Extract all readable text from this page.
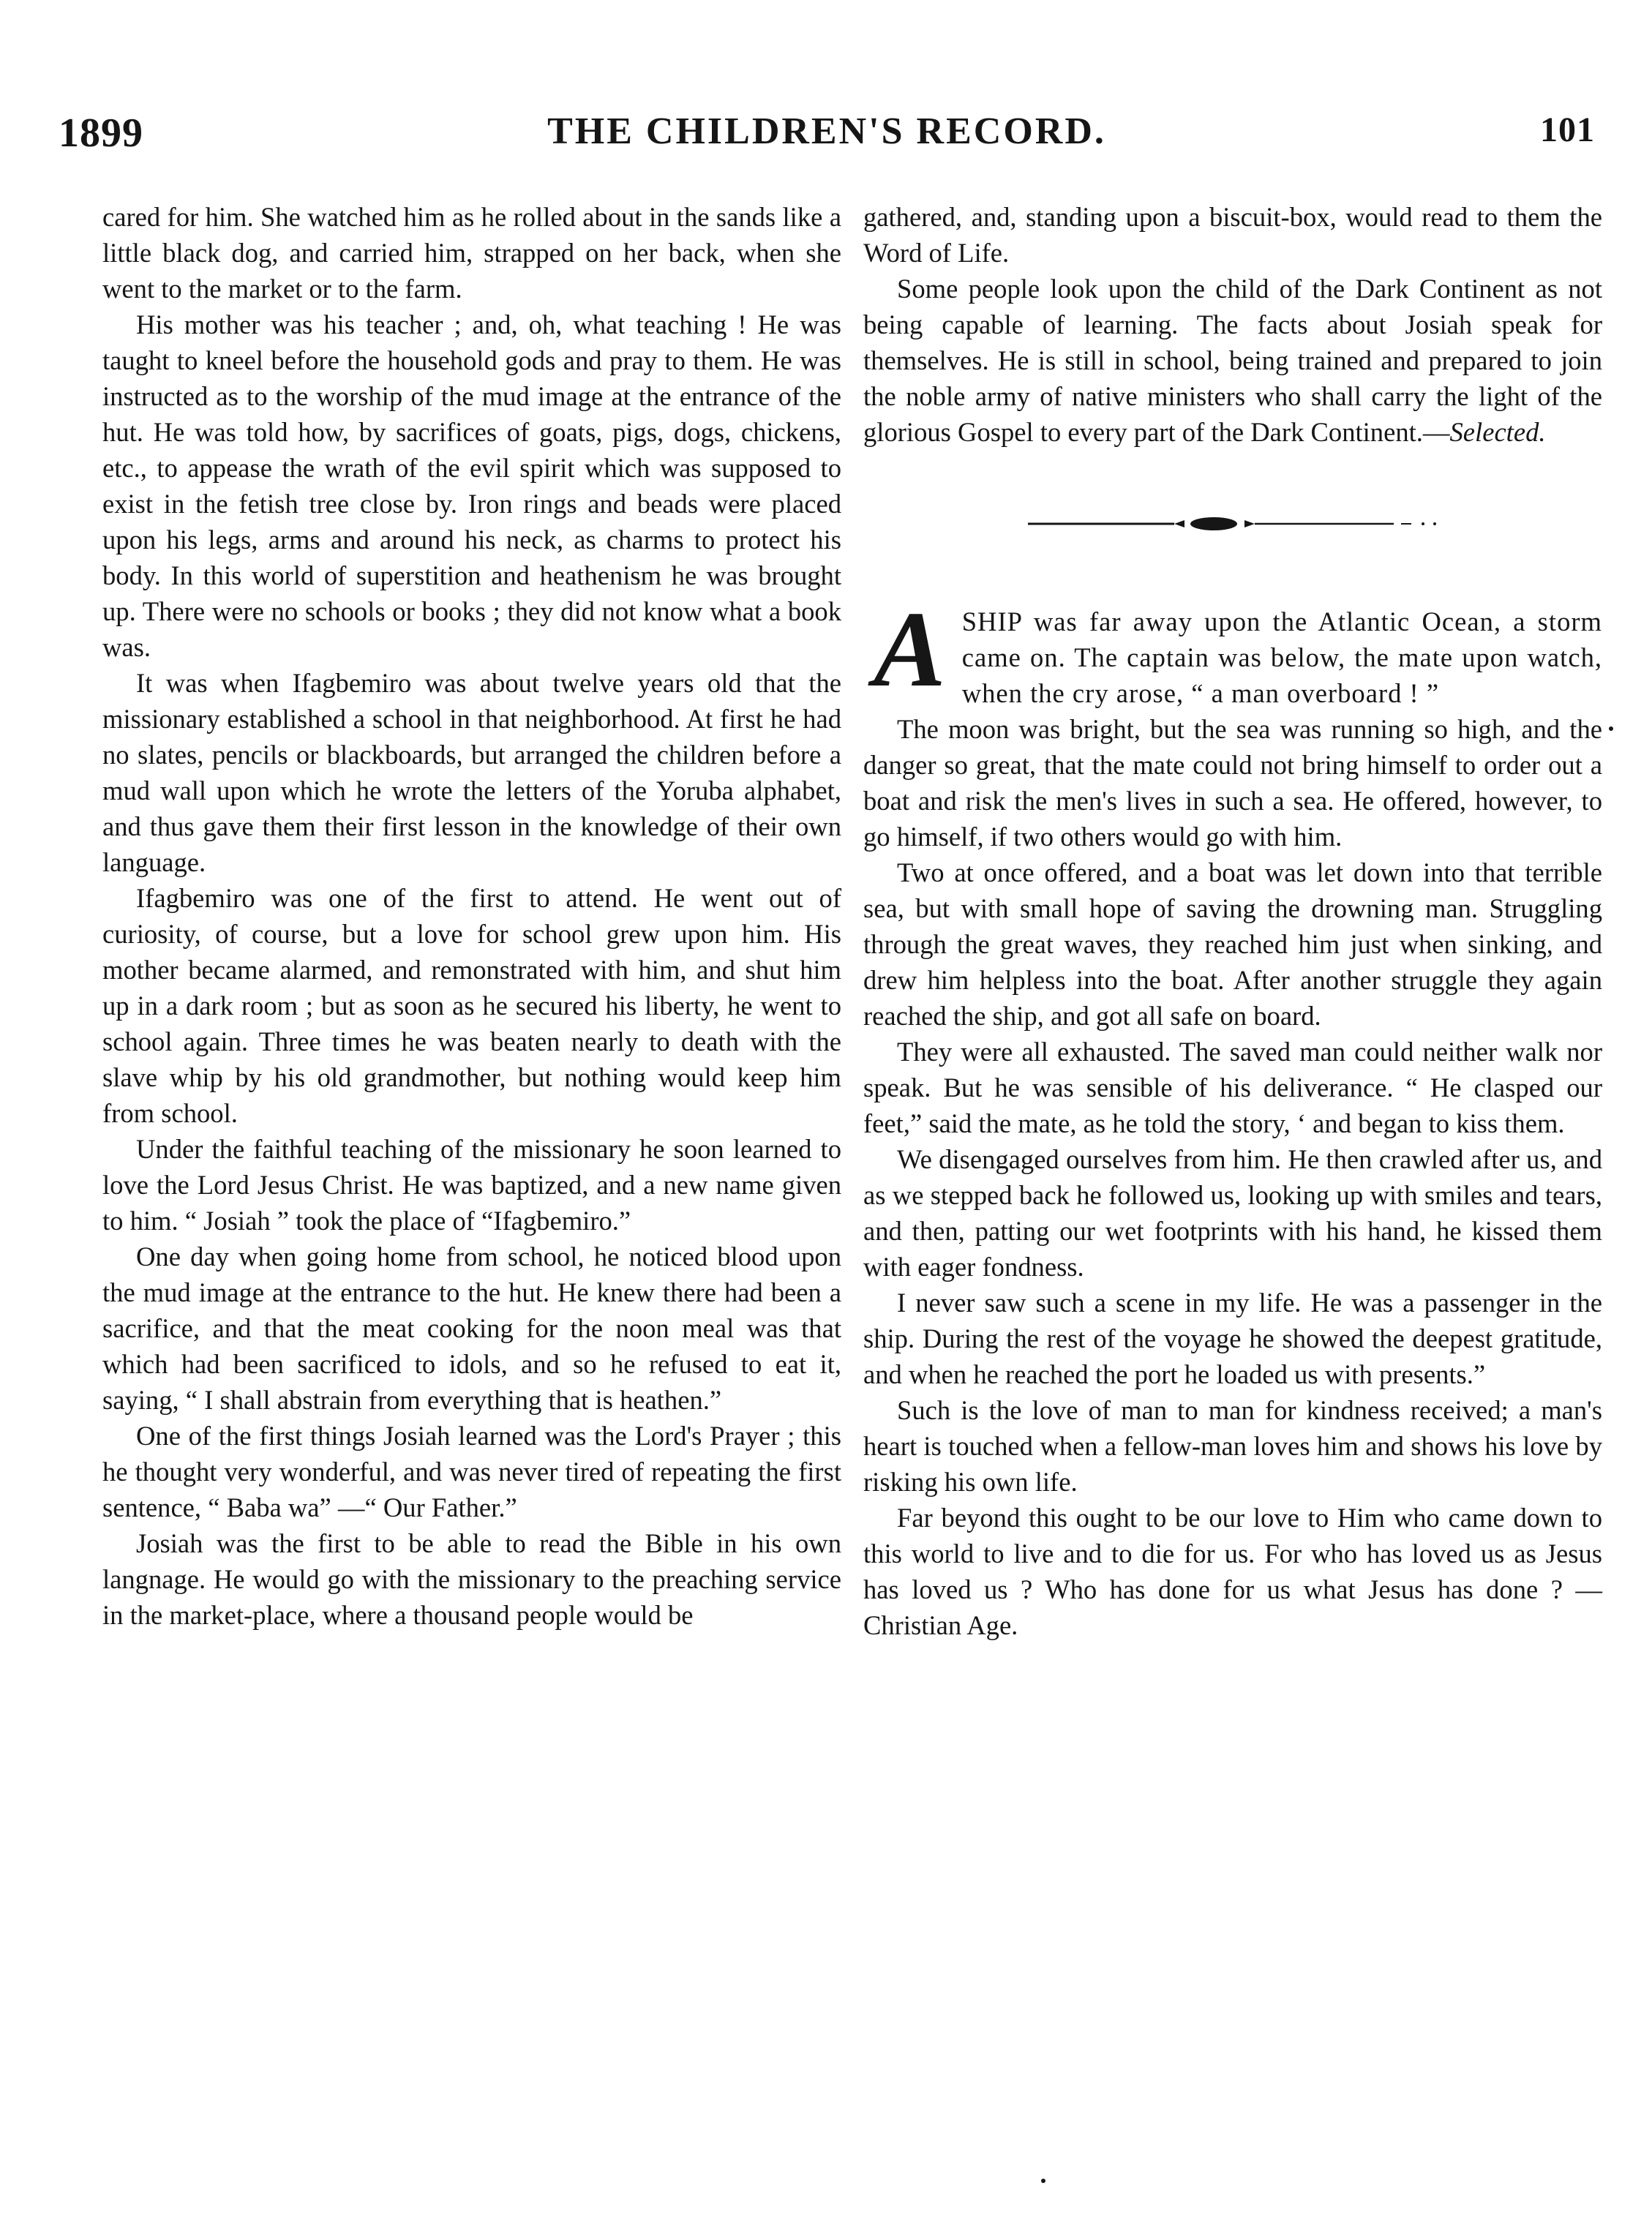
1899	THE CHILDREN'S RECORD.	101

cared for him. She watched him as he rolled about in the sands like a little black dog, and carried him, strapped on her back, when she went to the market or to the farm.

His mother was his teacher ; and, oh, what teaching ! He was taught to kneel before the household gods and pray to them. He was instructed as to the worship of the mud image at the entrance of the hut. He was told how, by sacrifices of goats, pigs, dogs, chickens, etc., to appease the wrath of the evil spirit which was supposed to exist in the fetish tree close by. Iron rings and beads were placed upon his legs, arms and around his neck, as charms to protect his body. In this world of superstition and heathenism he was brought up. There were no schools or books ; they did not know what a book was.

It was when Ifagbemiro was about twelve years old that the missionary established a school in that neighborhood. At first he had no slates, pencils or blackboards, but arranged the children before a mud wall upon which he wrote the letters of the Yoruba alphabet, and thus gave them their first lesson in the knowledge of their own language.

Ifagbemiro was one of the first to attend. He went out of curiosity, of course, but a love for school grew upon him. His mother became alarmed, and remonstrated with him, and shut him up in a dark room ; but as soon as he secured his liberty, he went to school again. Three times he was beaten nearly to death with the slave whip by his old grandmother, but nothing would keep him from school.

Under the faithful teaching of the missionary he soon learned to love the Lord Jesus Christ. He was baptized, and a new name given to him. “ Josiah ” took the place of “Ifagbemiro.”

One day when going home from school, he noticed blood upon the mud image at the entrance to the hut. He knew there had been a sacrifice, and that the meat cooking for the noon meal was that which had been sacrificed to idols, and so he refused to eat it, saying, “ I shall abstrain from everything that is heathen.”

One of the first things Josiah learned was the Lord's Prayer ; this he thought very wonderful, and was never tired of repeating the first sentence, “ Baba wa” —“ Our Father.”

Josiah was the first to be able to read the Bible in his own langnage. He would go with the missionary to the preaching service in the market-place, where a thousand people would be

gathered, and, standing upon a biscuit-box, would read to them the Word of Life.

Some people look upon the child of the Dark Continent as not being capable of learning. The facts about Josiah speak for themselves. He is still in school, being trained and prepared to join the noble army of native ministers who shall carry the light of the glorious Gospel to every part of the Dark Continent.—Selected.

ASHIP was far away upon the Atlantic Ocean, a storm came on. The captain was below, the mate upon watch, when the cry arose, “ a man overboard ! ”

The moon was bright, but the sea was running so high, and the danger so great, that the mate could not bring himself to order out a boat and risk the men's lives in such a sea. He offered, however, to go himself, if two others would go with him.

Two at once offered, and a boat was let down into that terrible sea, but with small hope of saving the drowning man. Struggling through the great waves, they reached him just when sinking, and drew him helpless into the boat. After another struggle they again reached the ship, and got all safe on board.

They were all exhausted. The saved man could neither walk nor speak. But he was sensible of his deliverance. “ He clasped our feet,” said the mate, as he told the story, ‘ and began to kiss them.

We disengaged ourselves from him. He then crawled after us, and as we stepped back he followed us, looking up with smiles and tears, and then, patting our wet footprints with his hand, he kissed them with eager fondness.

I never saw such a scene in my life. He was a passenger in the ship. During the rest of the voyage he showed the deepest gratitude, and when he reached the port he loaded us with presents.”

Such is the love of man to man for kindness received; a man's heart is touched when a fellow-man loves him and shows his love by risking his own life.

Far beyond this ought to be our love to Him who came down to this world to live and to die for us. For who has loved us as Jesus has loved us ? Who has done for us what Jesus has done ? —Christian Age.
